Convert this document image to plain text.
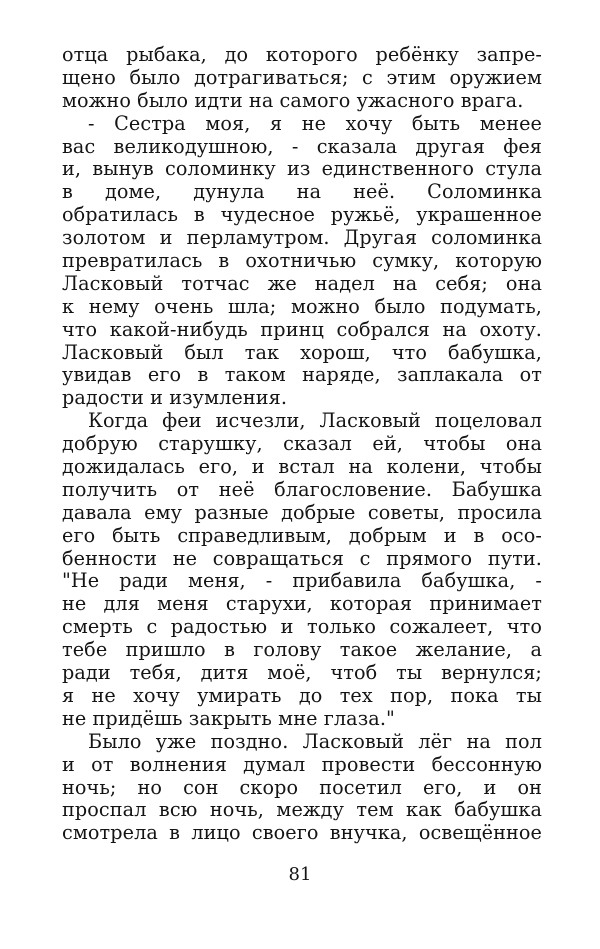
отца рыбака, до которого ребёнку запре-
щено было дотрагиваться; с этим оружием
можно было идти на самого ужасного врага.
- Сестра моя, я не хочу быть менее
вас великодушною, - сказала другая фея
и, вынув соломинку из единственного стула
в доме, дунула на неё. Соломинка
обратилась в чудесное ружьё, украшенное
золотом и перламутром. Другая соломинка
превратилась в охотничью сумку, которую
Ласковый тотчас же надел на себя; она
к нему очень шла; можно было подумать,
что какой-нибудь принц собрался на охоту.
Ласковый был так хорош, что бабушка,
увидав его в таком наряде, заплакала от
радости и изумления.
Когда феи исчезли, Ласковый поцеловал
добрую старушку, сказал ей, чтобы она
дожидалась его, и встал на колени, чтобы
получить от неё благословение. Бабушка
давала ему разные добрые советы, просила
его быть справедливым, добрым и в осо-
бенности не совращаться с прямого пути.
"Не ради меня, - прибавила бабушка, -
не для меня старухи, которая принимает
смерть с радостью и только сожалеет, что
тебе пришло в голову такое желание, а
ради тебя, дитя моё, чтоб ты вернулся;
я не хочу умирать до тех пор, пока ты
не придёшь закрыть мне глаза."
Было уже поздно. Ласковый лёг на пол
и от волнения думал провести бессонную
ночь; но сон скоро посетил его, и он
проспал всю ночь, между тем как бабушка
смотрела в лицо своего внучка, освещённое
81
